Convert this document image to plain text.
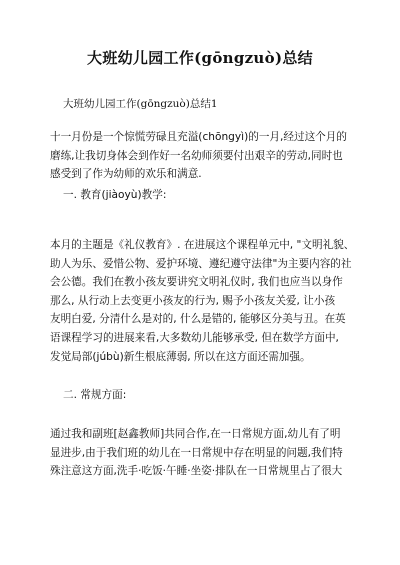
大班幼儿园工作(gōngzuò)总结
大班幼儿园工作(gōngzuò)总结1
十一月份是一个惊慌劳碌且充溢(chōngyì)的一月,经过这个月的
磨练,让我切身体会到作好一名幼师须要付出艰辛的劳动,同时也
感受到了作为幼师的欢乐和满意.
一. 教育(jiàoyù)教学:
本月的主题是《礼仪教育》. 在进展这个课程单元中, "文明礼貌、
助人为乐、爱惜公物、爱护环境、遵纪遵守法律"为主要内容的社
会公德。我们在教小孩友要讲究文明礼仪时, 我们也应当以身作
那么, 从行动上去变更小孩友的行为, 赐予小孩友关爱, 让小孩
友明白爱, 分清什么是对的, 什么是错的, 能够区分美与丑。在英
语课程学习的进展来看,大多数幼儿能够承受, 但在数学方面中,
发觉局部(júbù)新生根底薄弱, 所以在这方面还需加强。
二. 常规方面:
通过我和副班[赵鑫教师]共同合作,在一日常规方面,幼儿有了明
显进步,由于我们班的幼儿在一日常规中存在明显的问题,我们特
殊注意这方面,洗手·吃饭·午睡·坐姿·排队在一日常规里占了很大
